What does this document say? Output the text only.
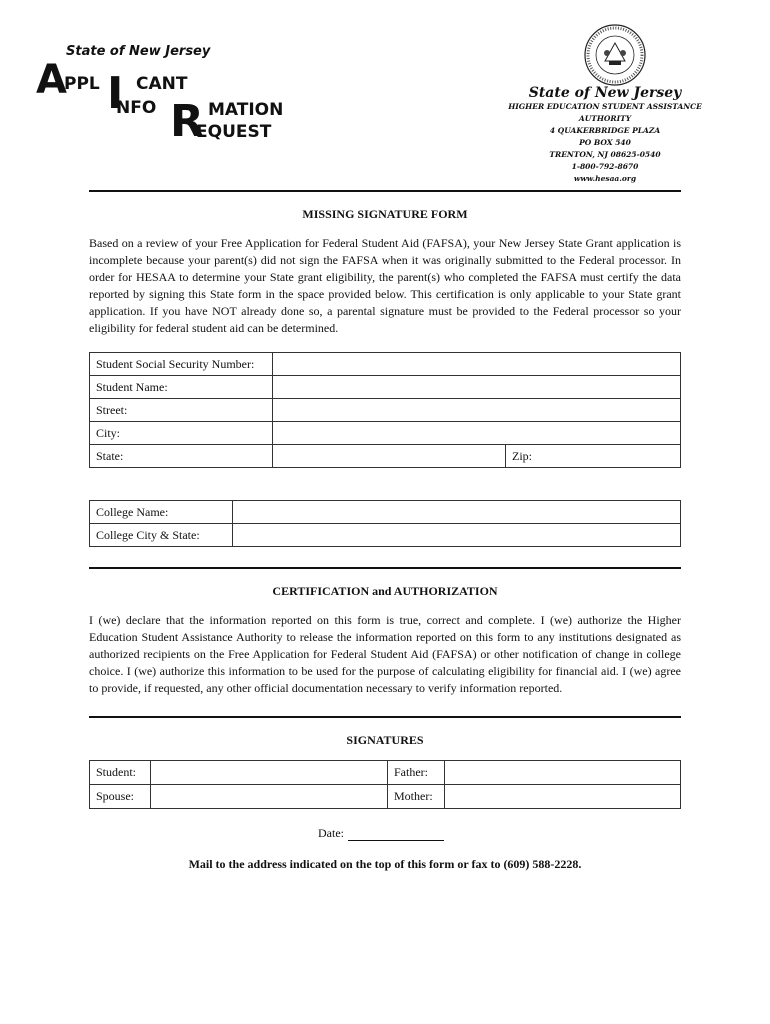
State of New Jersey
A
PPL I CANT
NFO R MATION
EQUEST
State of New Jersey
HIGHER EDUCATION STUDENT ASSISTANCE AUTHORITY
4 QUAKERBRIDGE PLAZA
PO BOX 540
TRENTON, NJ 08625-0540
1-800-792-8670
www.hesaa.org
MISSING SIGNATURE FORM

Based on a review of your Free Application for Federal Student Aid (FAFSA), your New Jersey State Grant application is incomplete because your parent(s) did not sign the FAFSA when it was originally submitted to the Federal processor. In order for HESAA to determine your State grant eligibility, the parent(s) who completed the FAFSA must certify the data reported by signing this State form in the space provided below. This certification is only applicable to your State grant application. If you have NOT already done so, a parental signature must be provided to the Federal processor so your eligibility for federal student aid can be determined.

Student Social Security Number:		
Student Name:		
Street:		
City:		
State:		Zip:
College Name:	
College City & State:	
CERTIFICATION and AUTHORIZATION

I (we) declare that the information reported on this form is true, correct and complete. I (we) authorize the Higher Education Student Assistance Authority to release the information reported on this form to any institutions designated as authorized recipients on the Free Application for Federal Student Aid (FAFSA) or other notification of change in college choice. I (we) authorize this information to be used for the purpose of calculating eligibility for financial aid. I (we) agree to provide, if requested, any other official documentation necessary to verify information reported.

SIGNATURES
Student:		Father:	
Spouse:		Mother:	
Date:
Mail to the address indicated on the top of this form or fax to (609) 588-2228.
